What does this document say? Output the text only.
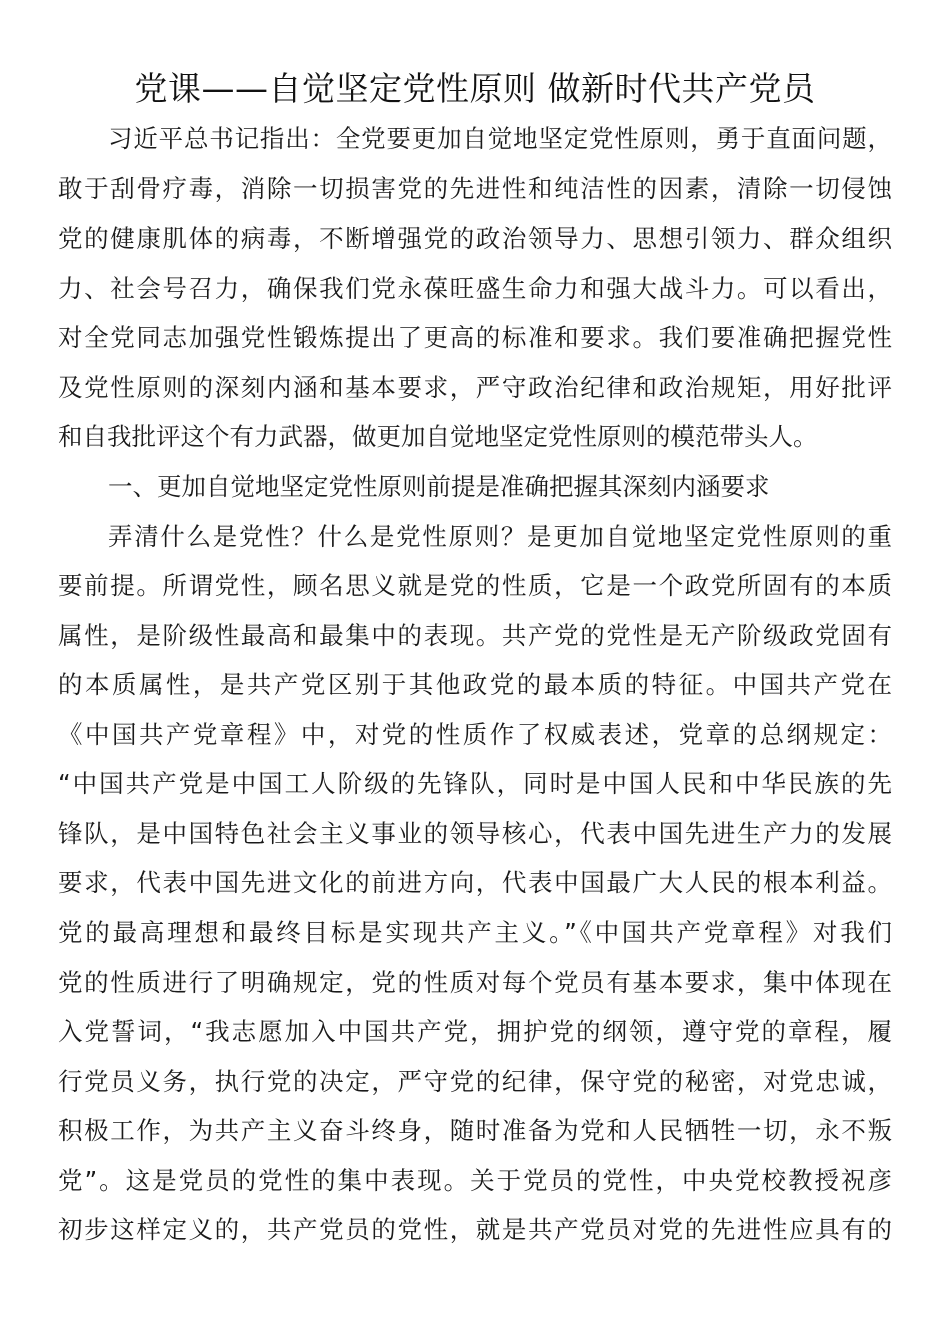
党课——自觉坚定党性原则 做新时代共产党员
习近平总书记指出：全党要更加自觉地坚定党性原则，勇于直面问题，
敢于刮骨疗毒，消除一切损害党的先进性和纯洁性的因素，清除一切侵蚀
党的健康肌体的病毒，不断增强党的政治领导力、思想引领力、群众组织
力、社会号召力，确保我们党永葆旺盛生命力和强大战斗力。可以看出，
对全党同志加强党性锻炼提出了更高的标准和要求。我们要准确把握党性
及党性原则的深刻内涵和基本要求，严守政治纪律和政治规矩，用好批评
和自我批评这个有力武器，做更加自觉地坚定党性原则的模范带头人。
一、更加自觉地坚定党性原则前提是准确把握其深刻内涵要求
弄清什么是党性？什么是党性原则？是更加自觉地坚定党性原则的重
要前提。所谓党性，顾名思义就是党的性质，它是一个政党所固有的本质
属性，是阶级性最高和最集中的表现。共产党的党性是无产阶级政党固有
的本质属性，是共产党区别于其他政党的最本质的特征。中国共产党在
《中国共产党章程》中，对党的性质作了权威表述，党章的总纲规定：
“中国共产党是中国工人阶级的先锋队，同时是中国人民和中华民族的先
锋队，是中国特色社会主义事业的领导核心，代表中国先进生产力的发展
要求，代表中国先进文化的前进方向，代表中国最广大人民的根本利益。
党的最高理想和最终目标是实现共产主义。”《中国共产党章程》对我们
党的性质进行了明确规定，党的性质对每个党员有基本要求，集中体现在
入党誓词，“我志愿加入中国共产党，拥护党的纲领，遵守党的章程，履
行党员义务，执行党的决定，严守党的纪律，保守党的秘密，对党忠诚，
积极工作，为共产主义奋斗终身，随时准备为党和人民牺牲一切，永不叛
党”。这是党员的党性的集中表现。关于党员的党性，中央党校教授祝彦
初步这样定义的，共产党员的党性，就是共产党员对党的先进性应具有的
